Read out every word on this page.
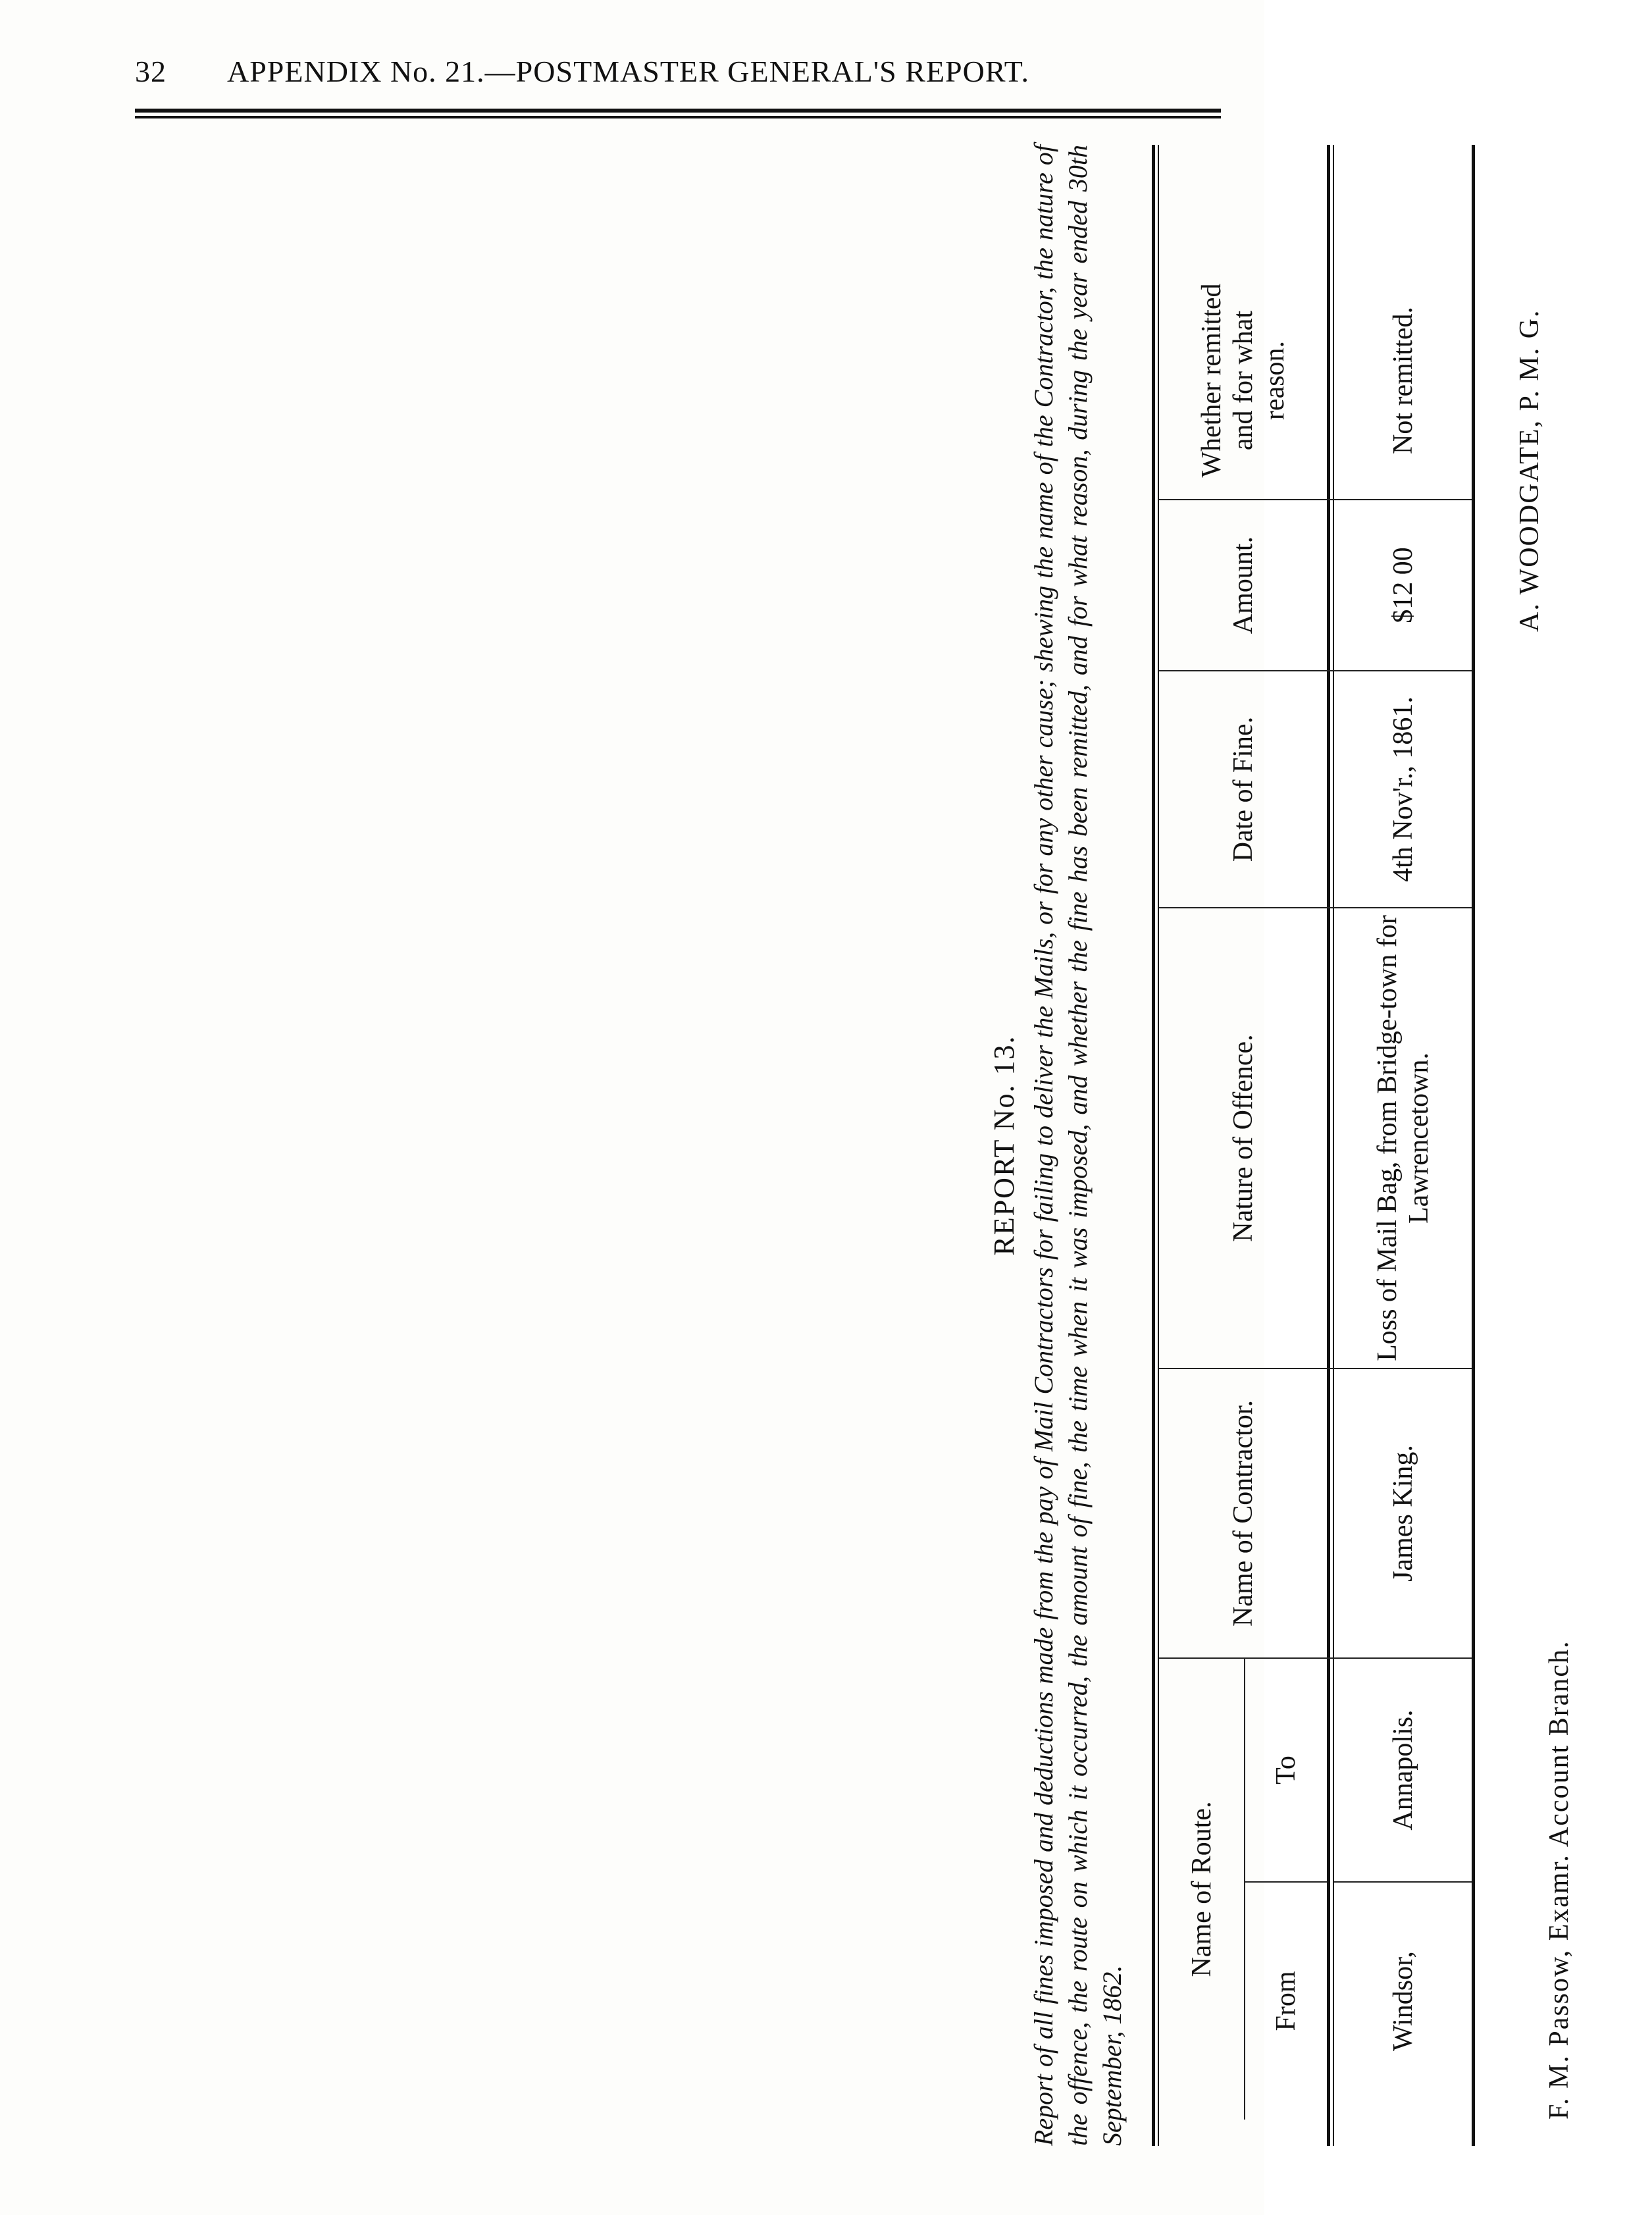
32 APPENDIX No. 21.—POSTMASTER GENERAL'S REPORT.
REPORT No. 13. Report of all fines imposed and deductions made from the pay of Mail Contractors for failing to deliver the Mails, or for any other cause; shewing the name of the Contractor, the nature of the offence, the route on which it occurred, the amount of fine, the time when it was imposed, and whether the fine has been remitted, and for what reason, during the year ended 30th September, 1862.
Name of Route.
From
To
Name of Contractor.
Nature of Offence.
Date of Fine.
Amount.
Whether remitted and for what reason.
Windsor,
Annapolis.
James King.
Loss of Mail Bag, from Bridge-town for Lawrencetown.
4th Nov'r., 1861.
$12 00
Not remitted.
F. M. Passow, Examr. Account Branch.
A. WOODGATE, P. M. G.
